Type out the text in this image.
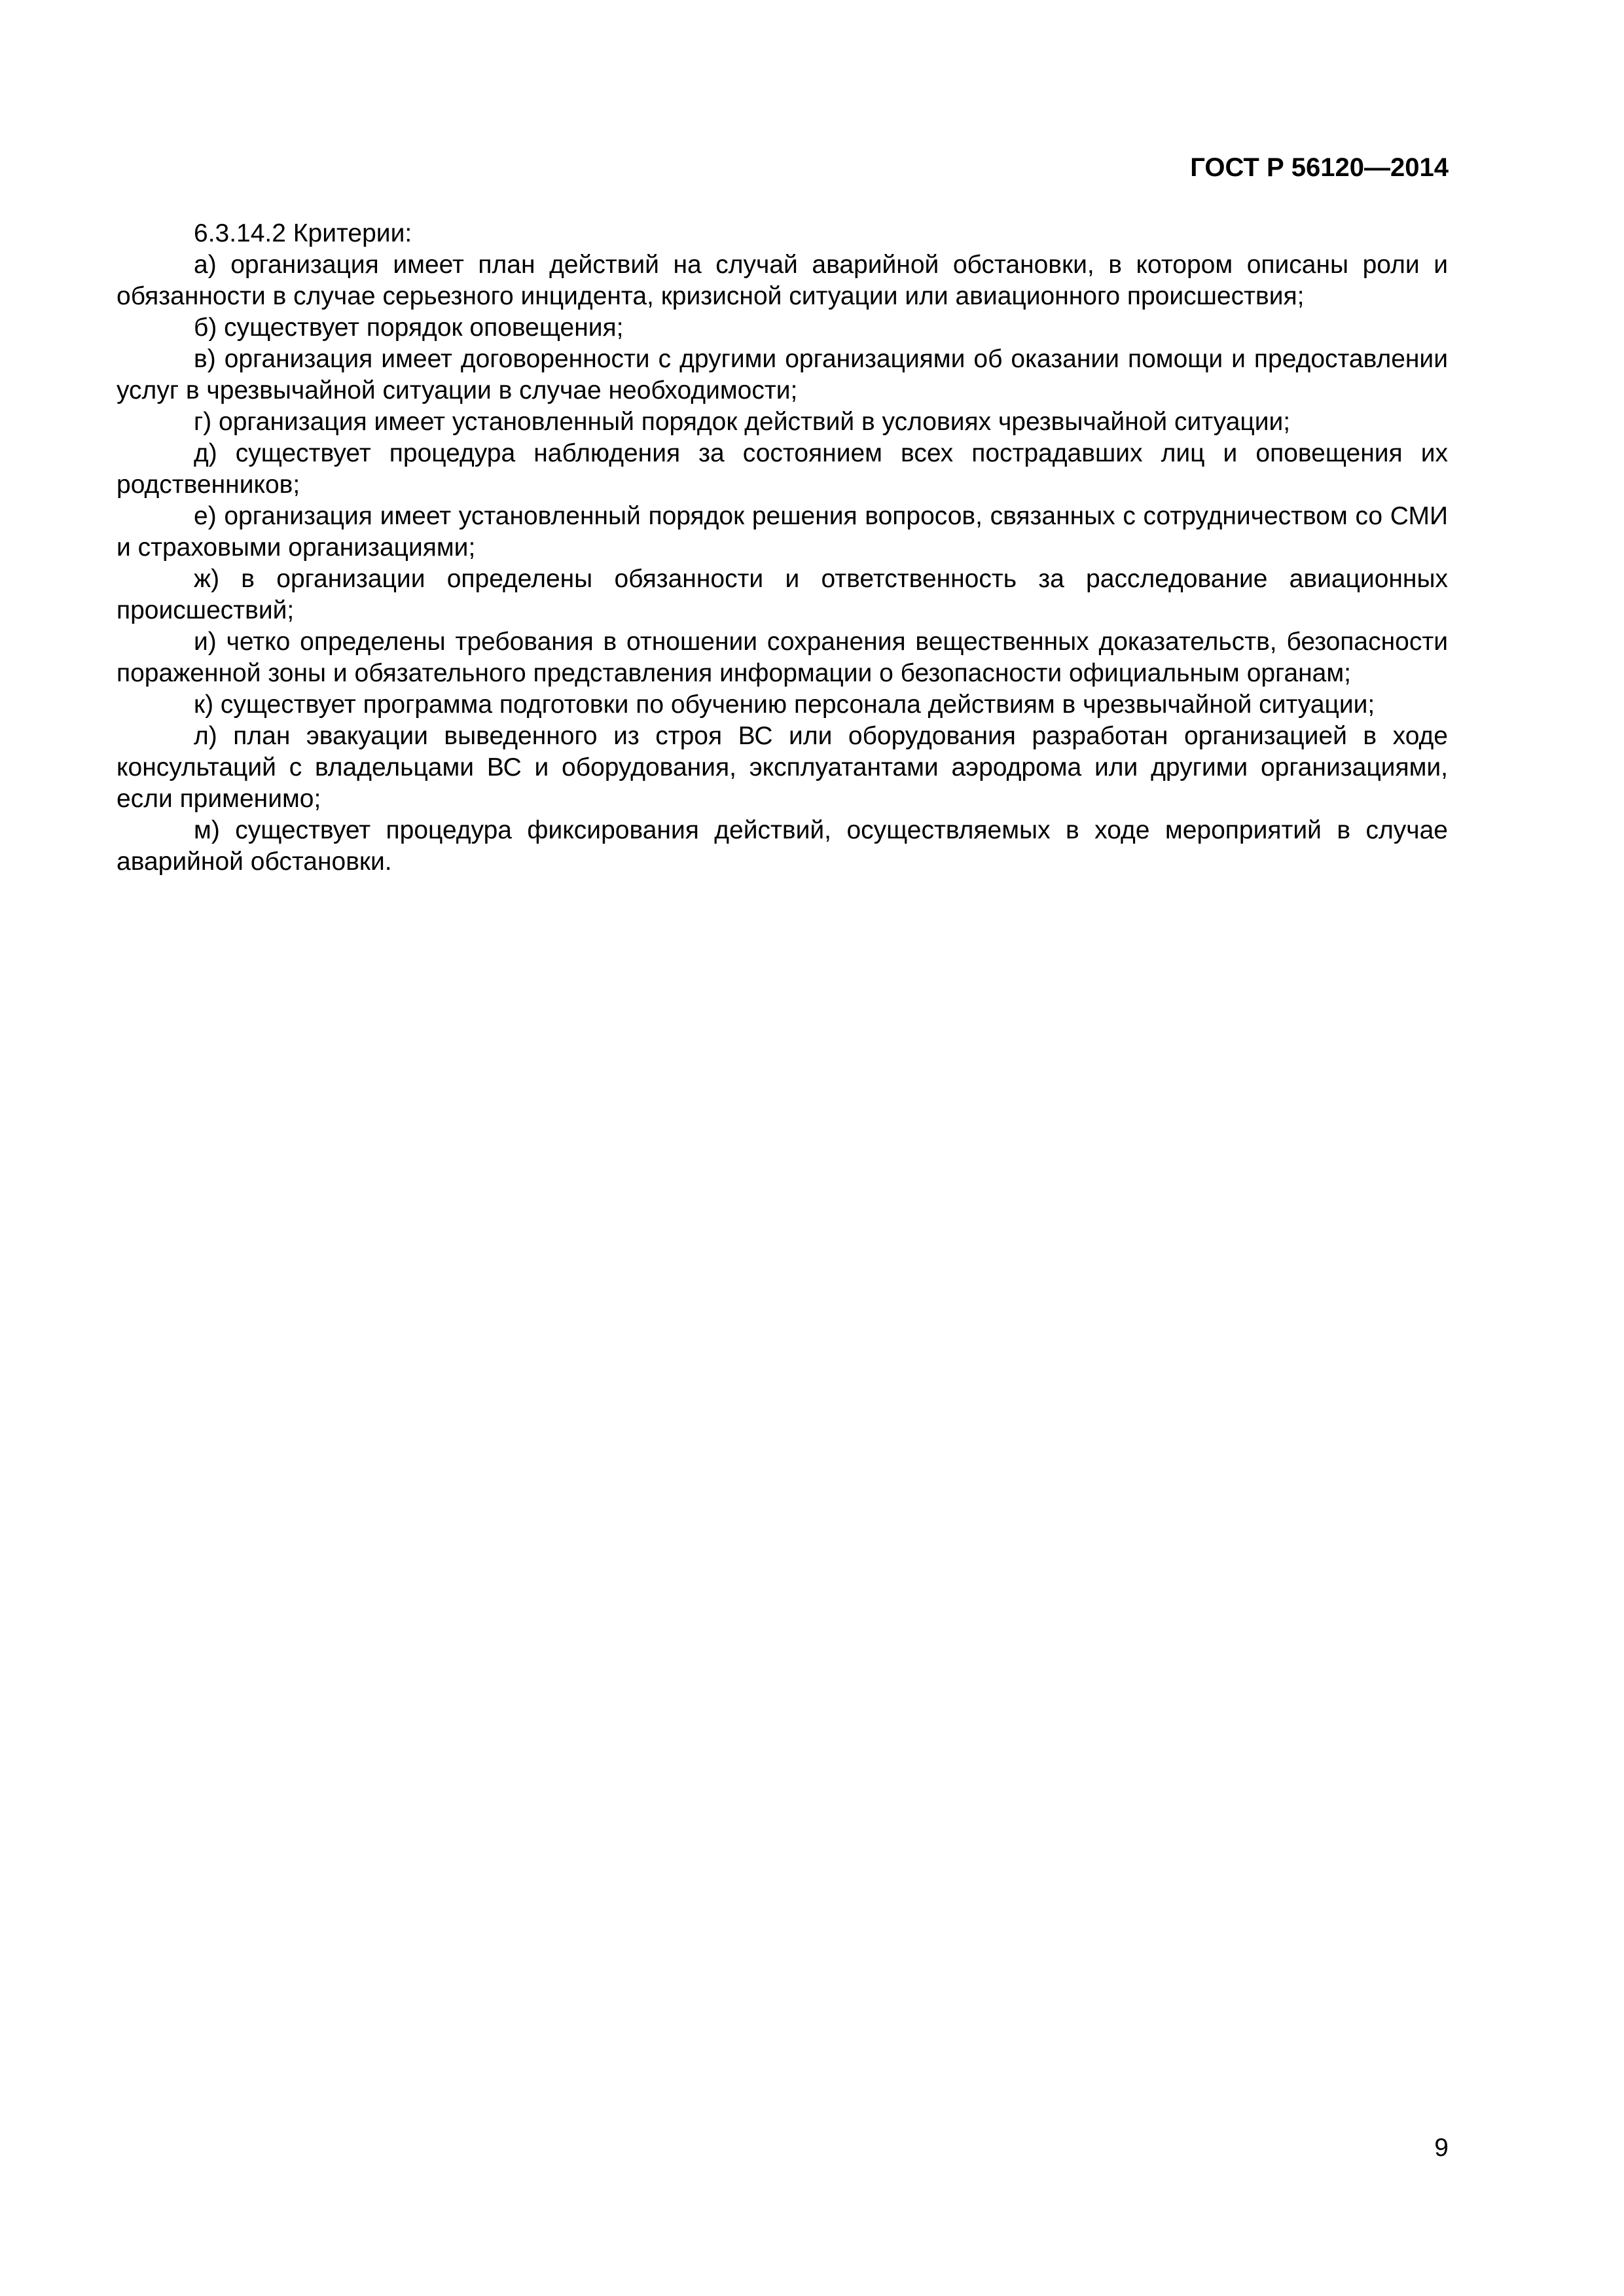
ГОСТ Р 56120—2014

6.3.14.2 Критерии:

а) организация имеет план действий на случай аварийной обстановки, в котором описаны роли и обязанности в случае серьезного инцидента, кризисной ситуации или авиационного происшествия;

б) существует порядок оповещения;

в) организация имеет договоренности с другими организациями об оказании помощи и предоставлении услуг в чрезвычайной ситуации в случае необходимости;

г) организация имеет установленный порядок действий в условиях чрезвычайной ситуации;

д) существует процедура наблюдения за состоянием всех пострадавших лиц и оповещения их родственников;

е) организация имеет установленный порядок решения вопросов, связанных с сотрудничеством со СМИ и страховыми организациями;

ж) в организации определены обязанности и ответственность за расследование авиационных происшествий;

и) четко определены требования в отношении сохранения вещественных доказательств, безопасности пораженной зоны и обязательного представления информации о безопасности официальным органам;

к) существует программа подготовки по обучению персонала действиям в чрезвычайной ситуации;

л) план эвакуации выведенного из строя ВС или оборудования разработан организацией в ходе консультаций с владельцами ВС и оборудования, эксплуатантами аэродрома или другими организациями, если применимо;

м) существует процедура фиксирования действий, осуществляемых в ходе мероприятий в случае аварийной обстановки.

9
